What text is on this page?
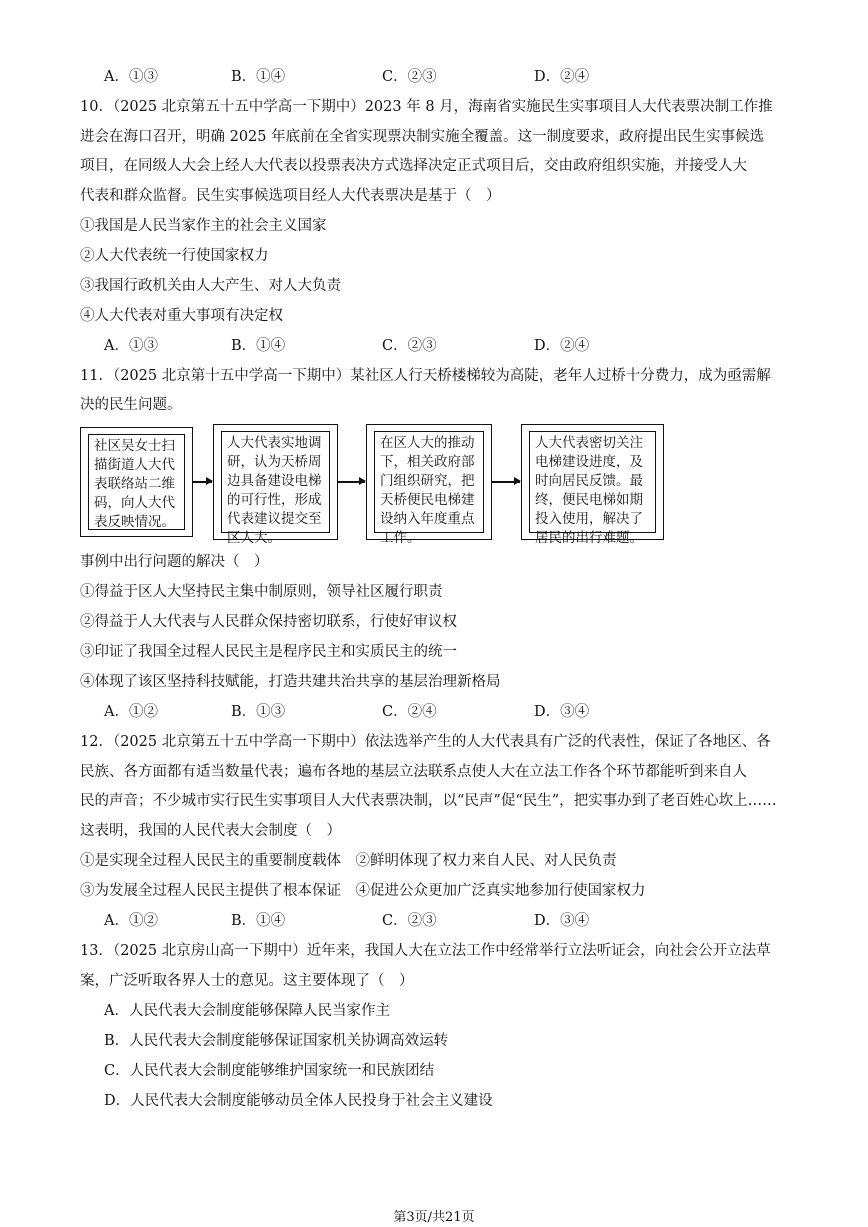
A．①③	B．①④	C．②③	D．②④
10．（2025 北京第五十五中学高一下期中）2023 年 8 月，海南省实施民生实事项目人大代表票决制工作推
进会在海口召开，明确 2025 年底前在全省实现票决制实施全覆盖。这一制度要求，政府提出民生实事候选
项目，在同级人大会上经人大代表以投票表决方式选择决定正式项目后，交由政府组织实施，并接受人大
代表和群众监督。民生实事候选项目经人大代表票决是基于（　）
①我国是人民当家作主的社会主义国家
②人大代表统一行使国家权力
③我国行政机关由人大产生、对人大负责
④人大代表对重大事项有决定权
A．①③	B．①④	C．②③	D．②④
11．（2025 北京第十五中学高一下期中）某社区人行天桥楼梯较为高陡，老年人过桥十分费力，成为亟需解
决的民生问题。
社区吴女士扫描街道人大代表联络站二维码，向人大代表反映情况。
人大代表实地调研，认为天桥周边具备建设电梯的可行性，形成代表建议提交至区人大。
在区人大的推动下，相关政府部门组织研究，把天桥便民电梯建设纳入年度重点工作。
人大代表密切关注电梯建设进度，及时向居民反馈。最终，便民电梯如期投入使用，解决了居民的出行难题。
事例中出行问题的解决（　）
①得益于区人大坚持民主集中制原则，领导社区履行职责
②得益于人大代表与人民群众保持密切联系，行使好审议权
③印证了我国全过程人民民主是程序民主和实质民主的统一
④体现了该区坚持科技赋能，打造共建共治共享的基层治理新格局
A．①②	B．①③	C．②④	D．③④
12．（2025 北京第五十五中学高一下期中）依法选举产生的人大代表具有广泛的代表性，保证了各地区、各
民族、各方面都有适当数量代表；遍布各地的基层立法联系点使人大在立法工作各个环节都能听到来自人
民的声音；不少城市实行民生实事项目人大代表票决制，以“民声”促“民生”，把实事办到了老百姓心坎上……
这表明，我国的人民代表大会制度（　）
①是实现全过程人民民主的重要制度载体　②鲜明体现了权力来自人民、对人民负责
③为发展全过程人民民主提供了根本保证　④促进公众更加广泛真实地参加行使国家权力
A．①②	B．①④	C．②③	D．③④
13．（2025 北京房山高一下期中）近年来，我国人大在立法工作中经常举行立法听证会，向社会公开立法草
案，广泛听取各界人士的意见。这主要体现了（　）
A．人民代表大会制度能够保障人民当家作主
B．人民代表大会制度能够保证国家机关协调高效运转
C．人民代表大会制度能够维护国家统一和民族团结
D．人民代表大会制度能够动员全体人民投身于社会主义建设
第3页/共21页
